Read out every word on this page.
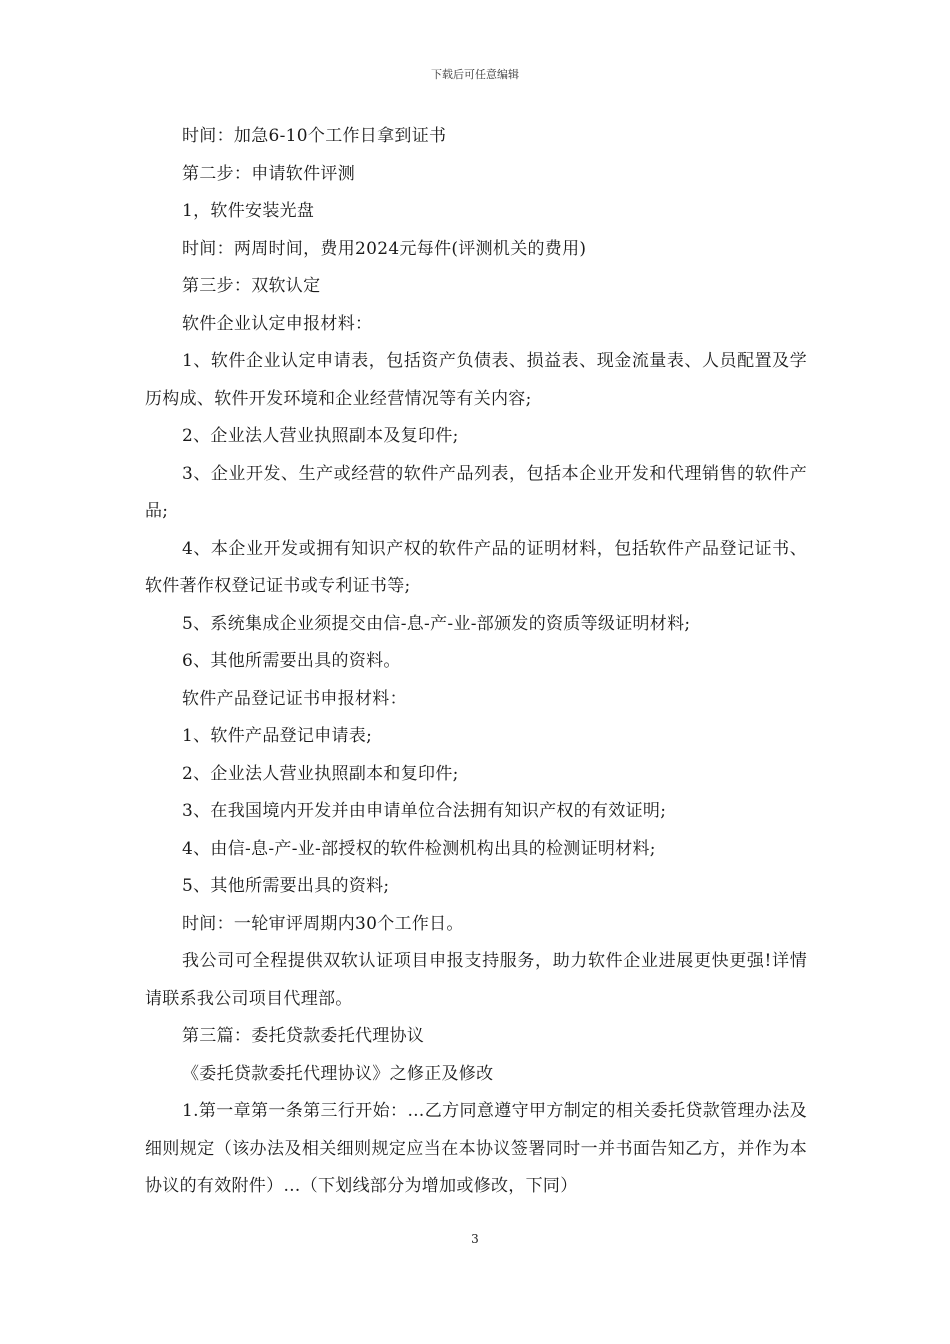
下载后可任意编辑

时间：加急6-10个工作日拿到证书

第二步：申请软件评测

1，软件安装光盘

时间：两周时间，费用2024元每件(评测机关的费用)

第三步：双软认定

软件企业认定申报材料：

1、软件企业认定申请表，包括资产负债表、损益表、现金流量表、人员配置及学历构成、软件开发环境和企业经营情况等有关内容;

2、企业法人营业执照副本及复印件;

3、企业开发、生产或经营的软件产品列表，包括本企业开发和代理销售的软件产品;

4、本企业开发或拥有知识产权的软件产品的证明材料，包括软件产品登记证书、软件著作权登记证书或专利证书等;

5、系统集成企业须提交由信-息-产-业-部颁发的资质等级证明材料;

6、其他所需要出具的资料。

软件产品登记证书申报材料：

1、软件产品登记申请表;

2、企业法人营业执照副本和复印件;

3、在我国境内开发并由申请单位合法拥有知识产权的有效证明;

4、由信-息-产-业-部授权的软件检测机构出具的检测证明材料;

5、其他所需要出具的资料;

时间：一轮审评周期内30个工作日。

我公司可全程提供双软认证项目申报支持服务，助力软件企业进展更快更强!详情请联系我公司项目代理部。

第三篇：委托贷款委托代理协议

《委托贷款委托代理协议》之修正及修改

1.第一章第一条第三行开始：…乙方同意遵守甲方制定的相关委托贷款管理办法及细则规定（该办法及相关细则规定应当在本协议签署同时一并书面告知乙方，并作为本协议的有效附件）…（下划线部分为增加或修改，下同）

3
